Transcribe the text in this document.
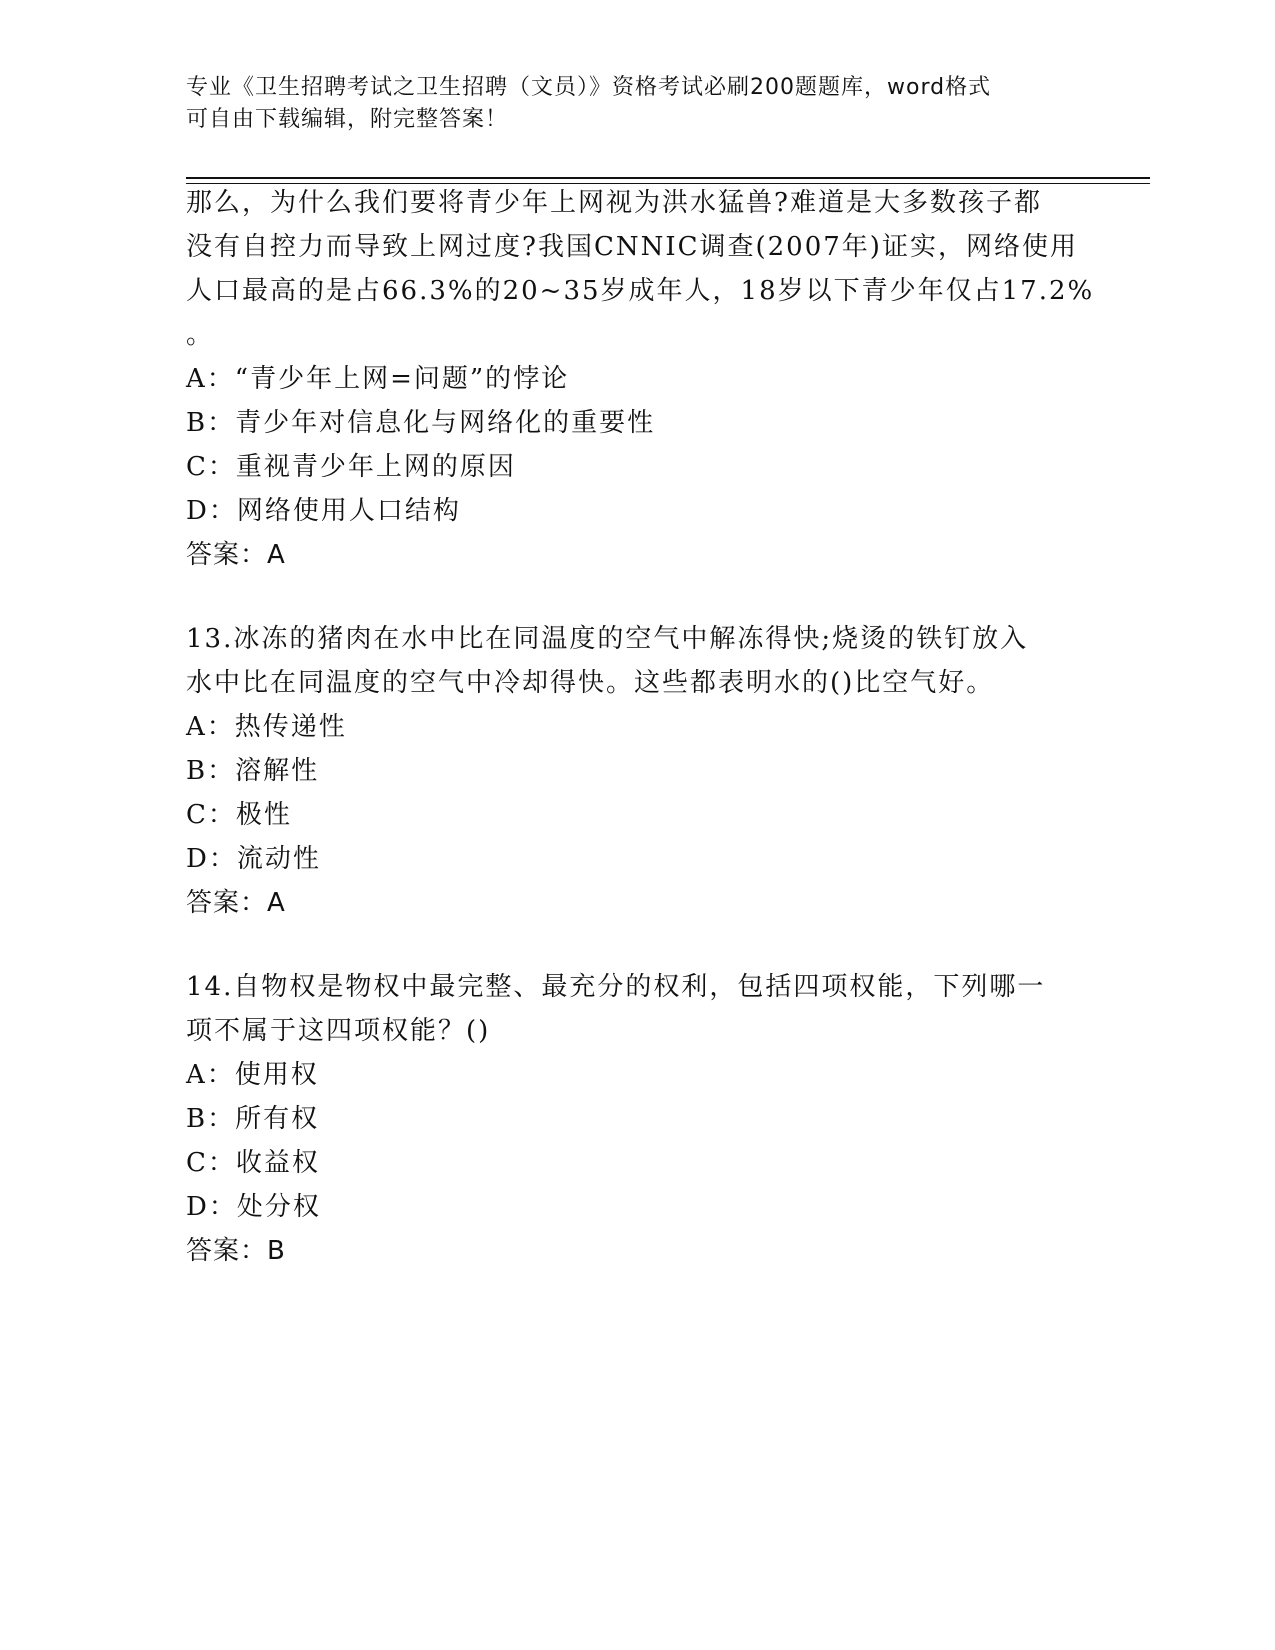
专业《卫生招聘考试之卫生招聘（文员）》资格考试必刷200题题库，word格式
可自由下载编辑，附完整答案！
那么，为什么我们要将青少年上网视为洪水猛兽?难道是大多数孩子都
没有自控力而导致上网过度?我国CNNIC调查(2007年)证实，网络使用
人口最高的是占66.3%的20~35岁成年人，18岁以下青少年仅占17.2%
。
A：“青少年上网=问题”的悖论
B：青少年对信息化与网络化的重要性
C：重视青少年上网的原因
D：网络使用人口结构
答案：A
13.冰冻的猪肉在水中比在同温度的空气中解冻得快;烧烫的铁钉放入
水中比在同温度的空气中冷却得快。这些都表明水的()比空气好。
A：热传递性
B：溶解性
C：极性
D：流动性
答案：A
14.自物权是物权中最完整、最充分的权利，包括四项权能，下列哪一
项不属于这四项权能？()
A：使用权
B：所有权
C：收益权
D：处分权
答案：B
